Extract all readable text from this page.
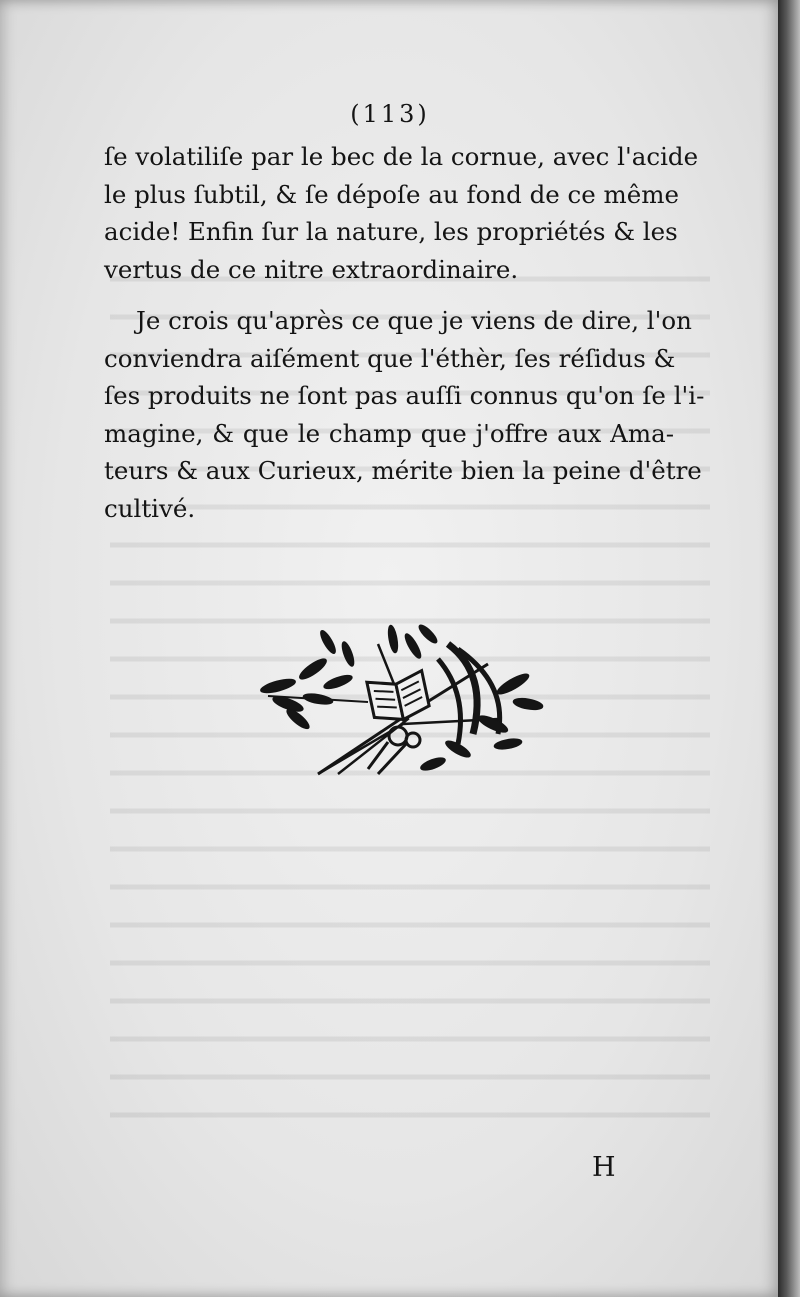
(113)
ſe volatiliſe par le bec de la cornue, avec l'acide
le plus ſubtil, & ſe dépoſe au fond de ce même
acide! Enfin ſur la nature, les propriétés & les
vertus de ce nitre extraordinaire.
Je crois qu'après ce que je viens de dire, l'on
conviendra aiſément que l'éthèr, ſes réſidus &
ſes produits ne ſont pas auſſi connus qu'on ſe l'i-
magine, & que le champ que j'offre aux Ama-
teurs & aux Curieux, mérite bien la peine d'être
cultivé.
H
